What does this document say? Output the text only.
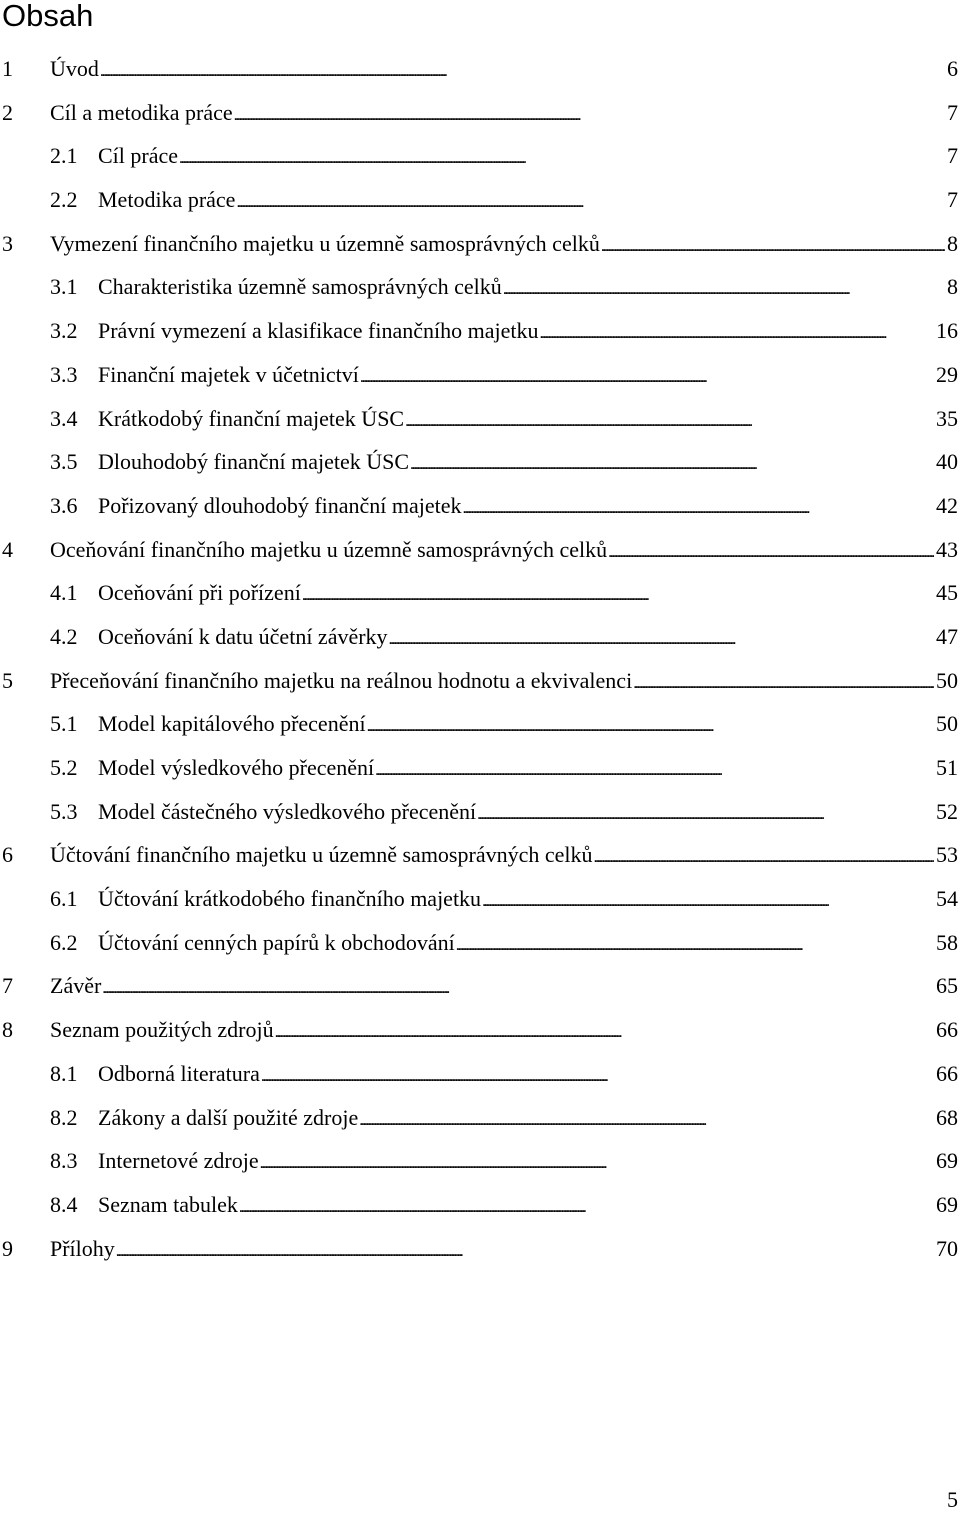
Obsah
1	Úvod . . .	6
2	Cíl a metodika práce . . .	7
2.1 Cíl práce . . .	7
2.2 Metodika práce . . .	7
3	Vymezení finančního majetku u územně samosprávných celků . . .	8
3.1 Charakteristika územně samosprávných celků . . .	8
3.2 Právní vymezení a klasifikace finančního majetku . . .	16
3.3 Finanční majetek v účetnictví . . .	29
3.4 Krátkodobý finanční majetek ÚSC . . .	35
3.5 Dlouhodobý finanční majetek ÚSC . . .	40
3.6 Pořizovaný dlouhodobý finanční majetek . . .	42
4	Oceňování finančního majetku u územně samosprávných celků . . .	43
4.1 Oceňování při pořízení . . .	45
4.2 Oceňování k datu účetní závěrky . . .	47
5	Přeceňování finančního majetku na reálnou hodnotu a ekvivalenci . . .	50
5.1 Model kapitálového přecenění . . .	50
5.2 Model výsledkového přecenění . . .	51
5.3 Model částečného výsledkového přecenění . . .	52
6	Účtování finančního majetku u územně samosprávných celků . . .	53
6.1 Účtování krátkodobého finančního majetku . . .	54
6.2 Účtování cenných papírů k obchodování . . .	58
7	Závěr . . .	65
8	Seznam použitých zdrojů . . .	66
8.1 Odborná literatura . . .	66
8.2 Zákony a další použité zdroje . . .	68
8.3 Internetové zdroje . . .	69
8.4 Seznam tabulek . . .	69
9	Přílohy . . .	70
5
